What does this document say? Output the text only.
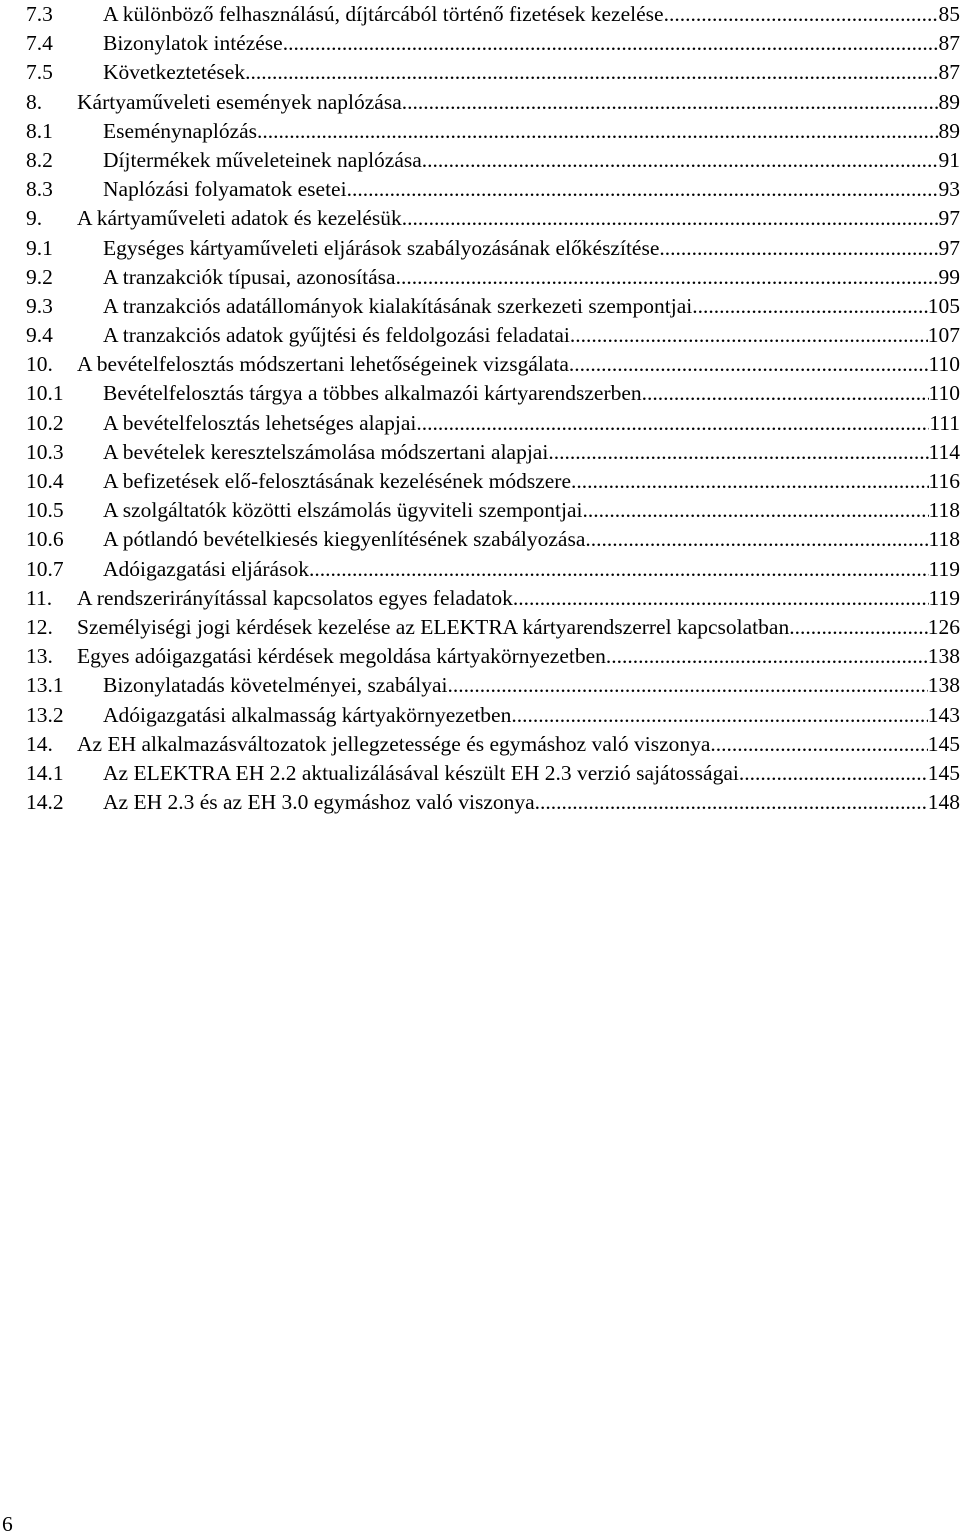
7.3 A különböző felhasználású, díjtárcából történő fizetések kezelése .....	85
7.4 Bizonylatok intézése .....	87
7.5 Következtetések .....	87
8. Kártyaműveleti események naplózása .....	89
8.1 Eseménynaplózás .....	89
8.2 Díjtermékek műveleteinek naplózása .....	91
8.3 Naplózási folyamatok esetei .....	93
9. A kártyaműveleti adatok és kezelésük .....	97
9.1 Egységes kártyaműveleti eljárások szabályozásának előkészítése .....	97
9.2 A tranzakciók típusai, azonosítása .....	99
9.3 A tranzakciós adatállományok kialakításának szerkezeti szempontjai .....	105
9.4 A tranzakciós adatok gyűjtési és feldolgozási feladatai .....	107
10. A bevételfelosztás módszertani lehetőségeinek vizsgálata .....	110
10.1 Bevételfelosztás tárgya a többes alkalmazói kártyarendszerben .....	110
10.2 A bevételfelosztás lehetséges alapjai .....	111
10.3 A bevételek keresztelszámolása módszertani alapjai .....	114
10.4 A befizetések elő-felosztásának kezelésének módszere .....	116
10.5 A szolgáltatók közötti elszámolás ügyviteli szempontjai .....	118
10.6 A pótlandó bevételkiesés kiegyenlítésének szabályozása .....	118
10.7 Adóigazgatási eljárások .....	119
11. A rendszerirányítással kapcsolatos egyes feladatok .....	119
12. Személyiségi jogi kérdések kezelése az ELEKTRA kártyarendszerrel kapcsolatban .....	126
13. Egyes adóigazgatási kérdések megoldása kártyakörnyezetben .....	138
13.1 Bizonylatadás követelményei, szabályai .....	138
13.2 Adóigazgatási alkalmasság kártyakörnyezetben .....	143
14. Az EH alkalmazásváltozatok jellegzetessége és egymáshoz való viszonya .....	145
14.1 Az ELEKTRA EH 2.2 aktualizálásával készült EH 2.3 verzió sajátosságai .....	145
14.2 Az EH 2.3 és az EH 3.0 egymáshoz való viszonya .....	148
6
